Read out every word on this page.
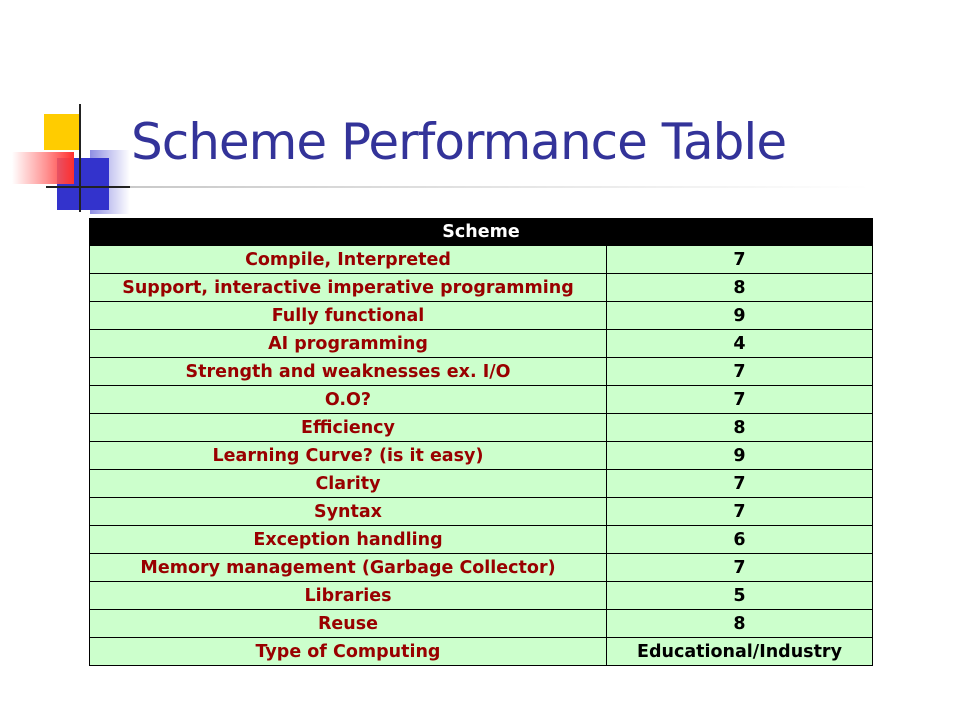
Scheme Performance Table
Scheme	
Compile, Interpreted	7
Support, interactive imperative programming	8
Fully functional	9
AI programming	4
Strength and weaknesses ex. I/O	7
O.O?	7
Efficiency	8
Learning Curve? (is it easy)	9
Clarity	7
Syntax	7
Exception handling	6
Memory management (Garbage Collector)	7
Libraries	5
Reuse	8
Type of Computing	Educational/Industry
